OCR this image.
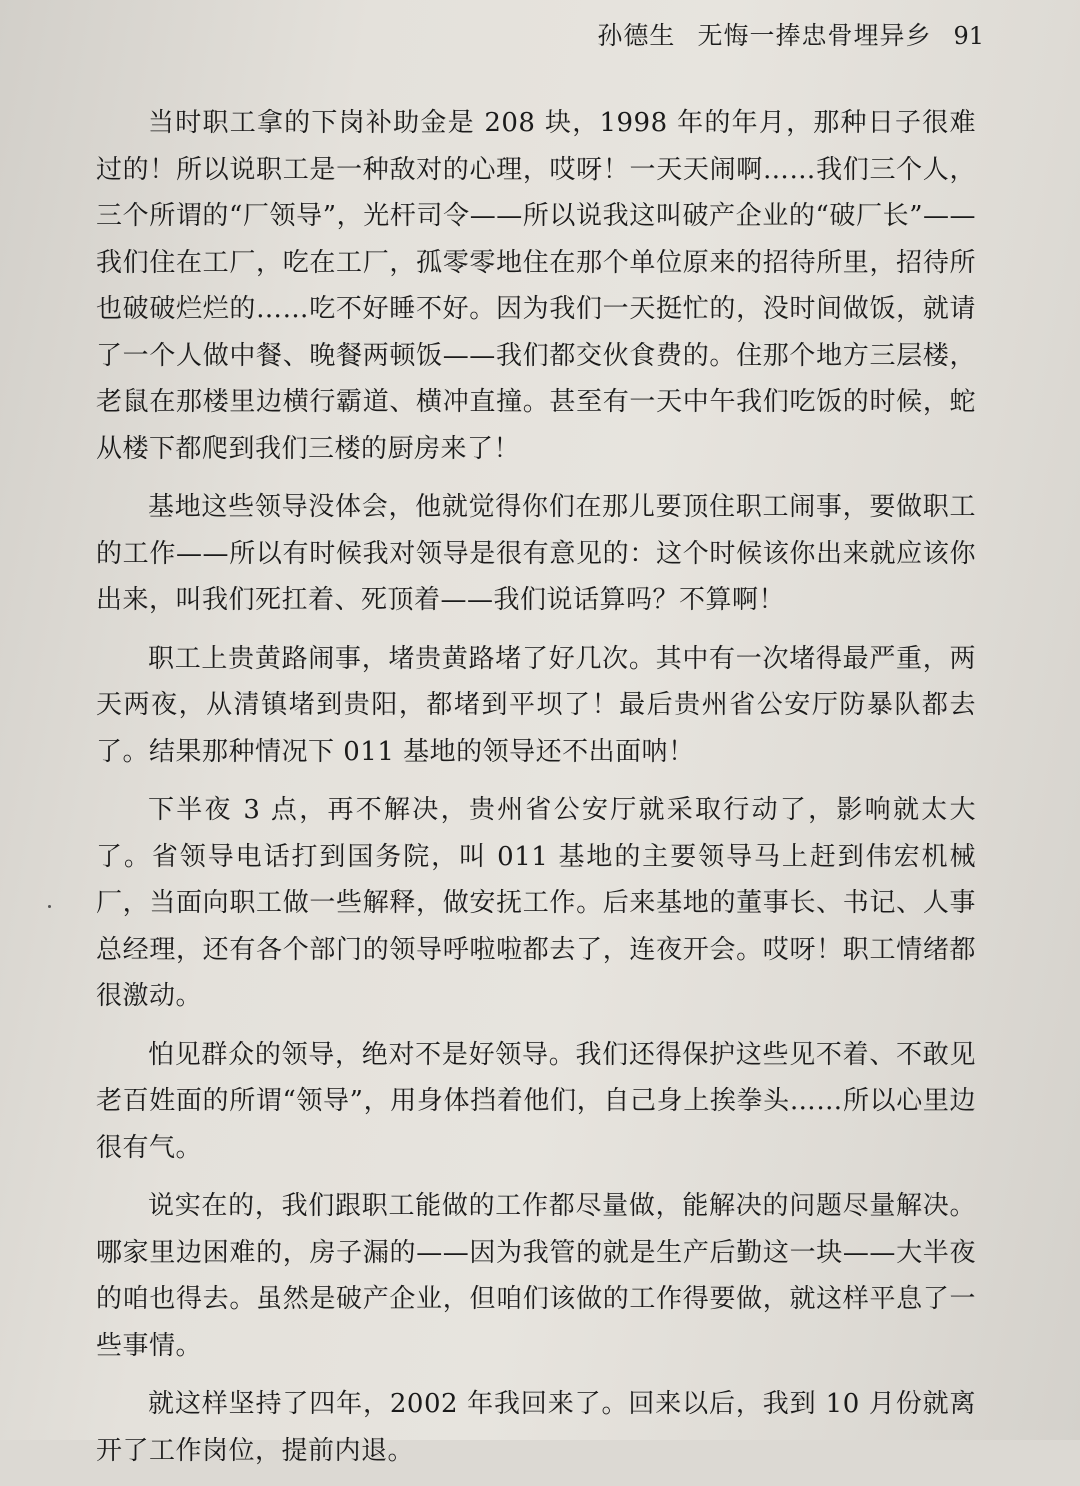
孙德生 无悔一捧忠骨埋异乡 91

当时职工拿的下岗补助金是 208 块，1998 年的年月，那种日子很难过的！所以说职工是一种敌对的心理，哎呀！一天天闹啊……我们三个人，三个所谓的“厂领导”，光杆司令——所以说我这叫破产企业的“破厂长”——我们住在工厂，吃在工厂，孤零零地住在那个单位原来的招待所里，招待所也破破烂烂的……吃不好睡不好。因为我们一天挺忙的，没时间做饭，就请了一个人做中餐、晚餐两顿饭——我们都交伙食费的。住那个地方三层楼，老鼠在那楼里边横行霸道、横冲直撞。甚至有一天中午我们吃饭的时候，蛇从楼下都爬到我们三楼的厨房来了！

基地这些领导没体会，他就觉得你们在那儿要顶住职工闹事，要做职工的工作——所以有时候我对领导是很有意见的：这个时候该你出来就应该你出来，叫我们死扛着、死顶着——我们说话算吗？不算啊！

职工上贵黄路闹事，堵贵黄路堵了好几次。其中有一次堵得最严重，两天两夜，从清镇堵到贵阳，都堵到平坝了！最后贵州省公安厅防暴队都去了。结果那种情况下 011 基地的领导还不出面呐！

下半夜 3 点，再不解决，贵州省公安厅就采取行动了，影响就太大了。省领导电话打到国务院，叫 011 基地的主要领导马上赶到伟宏机械厂，当面向职工做一些解释，做安抚工作。后来基地的董事长、书记、人事总经理，还有各个部门的领导呼啦啦都去了，连夜开会。哎呀！职工情绪都很激动。

怕见群众的领导，绝对不是好领导。我们还得保护这些见不着、不敢见老百姓面的所谓“领导”，用身体挡着他们，自己身上挨拳头……所以心里边很有气。

说实在的，我们跟职工能做的工作都尽量做，能解决的问题尽量解决。哪家里边困难的，房子漏的——因为我管的就是生产后勤这一块——大半夜的咱也得去。虽然是破产企业，但咱们该做的工作得要做，就这样平息了一些事情。

就这样坚持了四年，2002 年我回来了。回来以后，我到 10 月份就离开了工作岗位，提前内退。
